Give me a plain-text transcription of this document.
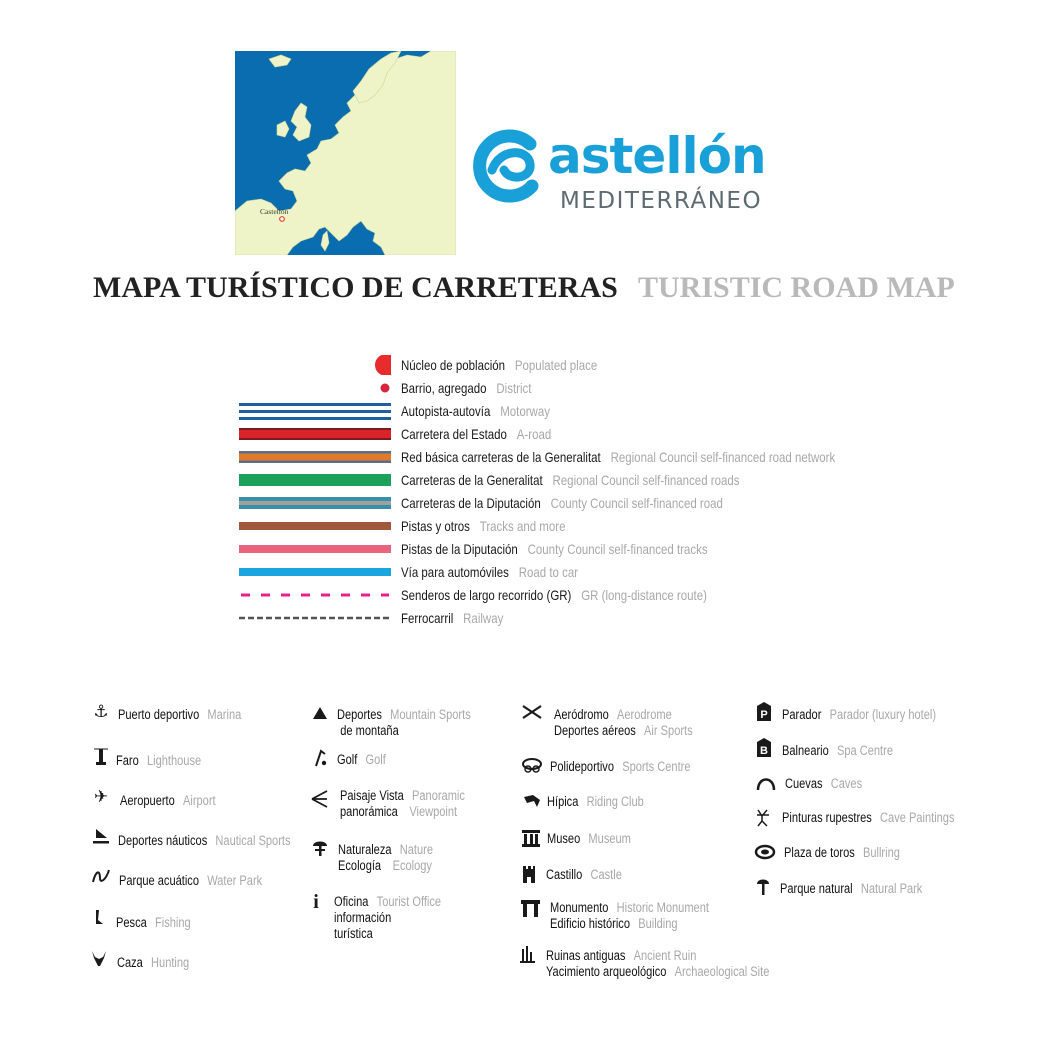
Castellón
astellón
MEDITERRÁNEO
MAPA TURÍSTICO DE CARRETERAS TURISTIC ROAD MAP
Núcleo de población Populated place
Barrio, agregado District
Autopista-autovía Motorway
Carretera del Estado A-road
Red básica carreteras de la Generalitat Regional Council self-financed road network
Carreteras de la Generalitat Regional Council self-financed roads
Carreteras de la Diputación County Council self-financed road
Pistas y otros Tracks and more
Pistas de la Diputación County Council self-financed tracks
Vía para automóviles Road to car
Senderos de largo recorrido (GR) GR (long-distance route)
Ferrocarril Railway
⚓ Puerto deportivo Marina
Faro Lighthouse
✈ Aeropuerto Airport
Deportes náuticos Nautical Sports
Parque acuático Water Park
Pesca Fishing
Caza Hunting
Deportes Mountain Sports
de montaña
Golf Golf
Paisaje Vista Panoramic
panorámica Viewpoint
Naturaleza Nature
Ecología Ecology
i	Oficina Tourist Office
información
turística
Aeródromo Aerodrome
Deportes aéreos Air Sports
Polideportivo Sports Centre
Hípica Riding Club
Museo Museum
Castillo Castle
Monumento Historic Monument
Edificio histórico Building
Ruinas antiguas Ancient Ruin
Yacimiento arqueológico Archaeological Site
P Parador Parador (luxury hotel)
B Balneario Spa Centre
Cuevas Caves
Pinturas rupestres Cave Paintings
Plaza de toros Bullring
Parque natural Natural Park
